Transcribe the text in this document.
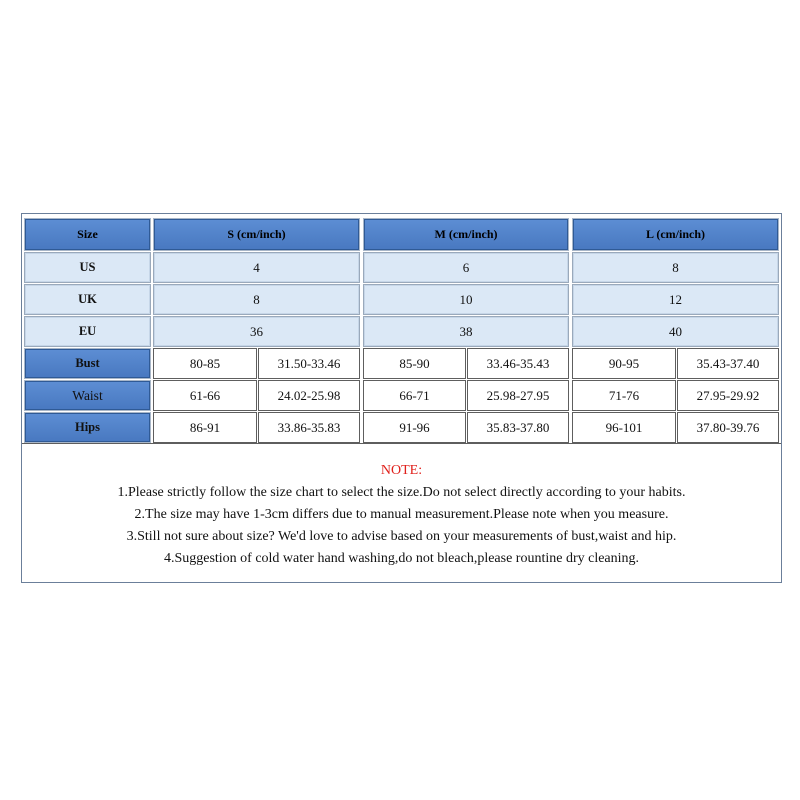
Size	S (cm/inch)	M (cm/inch)	L (cm/inch)
US	4	6	8
UK	8	10	12
EU	36	38	40
Bust	80-85	31.50-33.46	85-90	33.46-35.43	90-95	35.43-37.40
Waist	61-66	24.02-25.98	66-71	25.98-27.95	71-76	27.95-29.92
Hips	86-91	33.86-35.83	91-96	35.83-37.80	96-101	37.80-39.76
NOTE:
1.Please strictly follow the size chart to select the size.Do not select directly according to your habits.
2.The size may have 1-3cm differs due to manual measurement.Please note when you measure.
3.Still not sure about size? We'd love to advise based on your measurements of bust,waist and hip.
4.Suggestion of cold water hand washing,do not bleach,please rountine dry cleaning.
